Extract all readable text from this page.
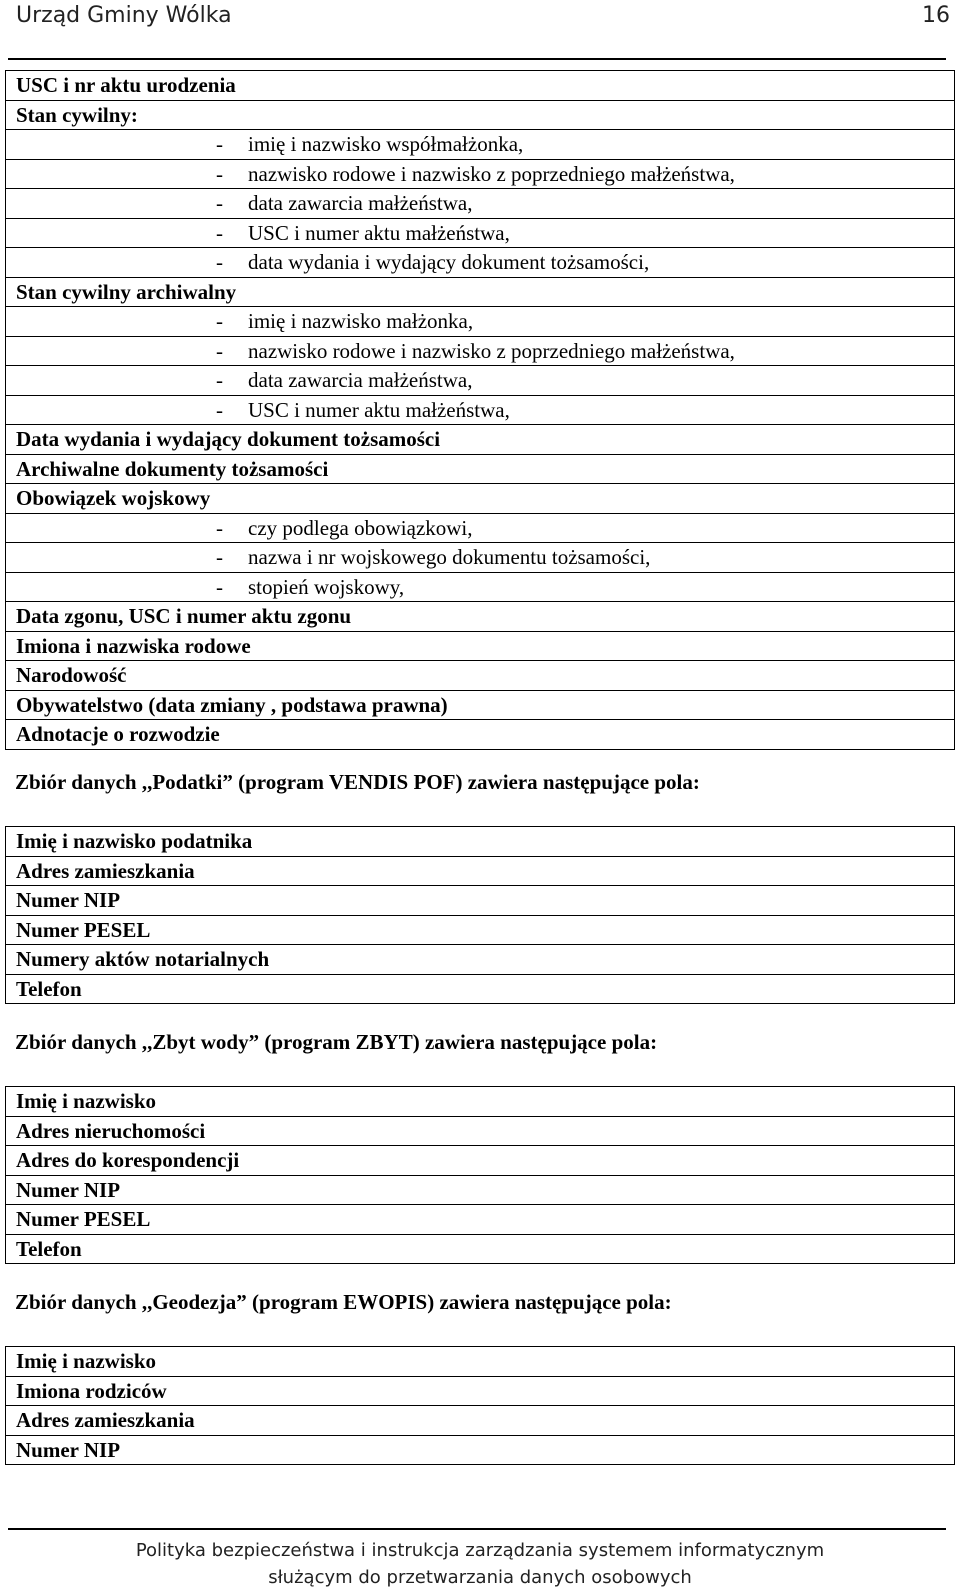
Urząd Gminy Wólka	16
USC i nr aktu urodzenia
Stan cywilny:
- imię i nazwisko współmałżonka,
- nazwisko rodowe i nazwisko z poprzedniego małżeństwa,
- data zawarcia małżeństwa,
- USC i numer aktu małżeństwa,
- data wydania i wydający dokument tożsamości,
Stan cywilny archiwalny
- imię i nazwisko małżonka,
- nazwisko rodowe i nazwisko z poprzedniego małżeństwa,
- data zawarcia małżeństwa,
- USC i numer aktu małżeństwa,
Data wydania i wydający dokument tożsamości
Archiwalne dokumenty tożsamości
Obowiązek wojskowy
- czy podlega obowiązkowi,
- nazwa i nr wojskowego dokumentu tożsamości,
- stopień wojskowy,
Data zgonu, USC i numer aktu zgonu
Imiona i nazwiska rodowe
Narodowość
Obywatelstwo (data zmiany , podstawa prawna)
Adnotacje o rozwodzie
Zbiór danych ,,Podatki” (program VENDIS POF) zawiera następujące pola:
Imię i nazwisko podatnika
Adres zamieszkania
Numer NIP
Numer PESEL
Numery aktów notarialnych
Telefon
Zbiór danych ,,Zbyt wody” (program ZBYT) zawiera następujące pola:
Imię i nazwisko
Adres nieruchomości
Adres do korespondencji
Numer NIP
Numer PESEL
Telefon
Zbiór danych ,,Geodezja” (program EWOPIS) zawiera następujące pola:
Imię i nazwisko
Imiona rodziców
Adres zamieszkania
Numer NIP
Polityka bezpieczeństwa i instrukcja zarządzania systemem informatycznym
służącym do przetwarzania danych osobowych
